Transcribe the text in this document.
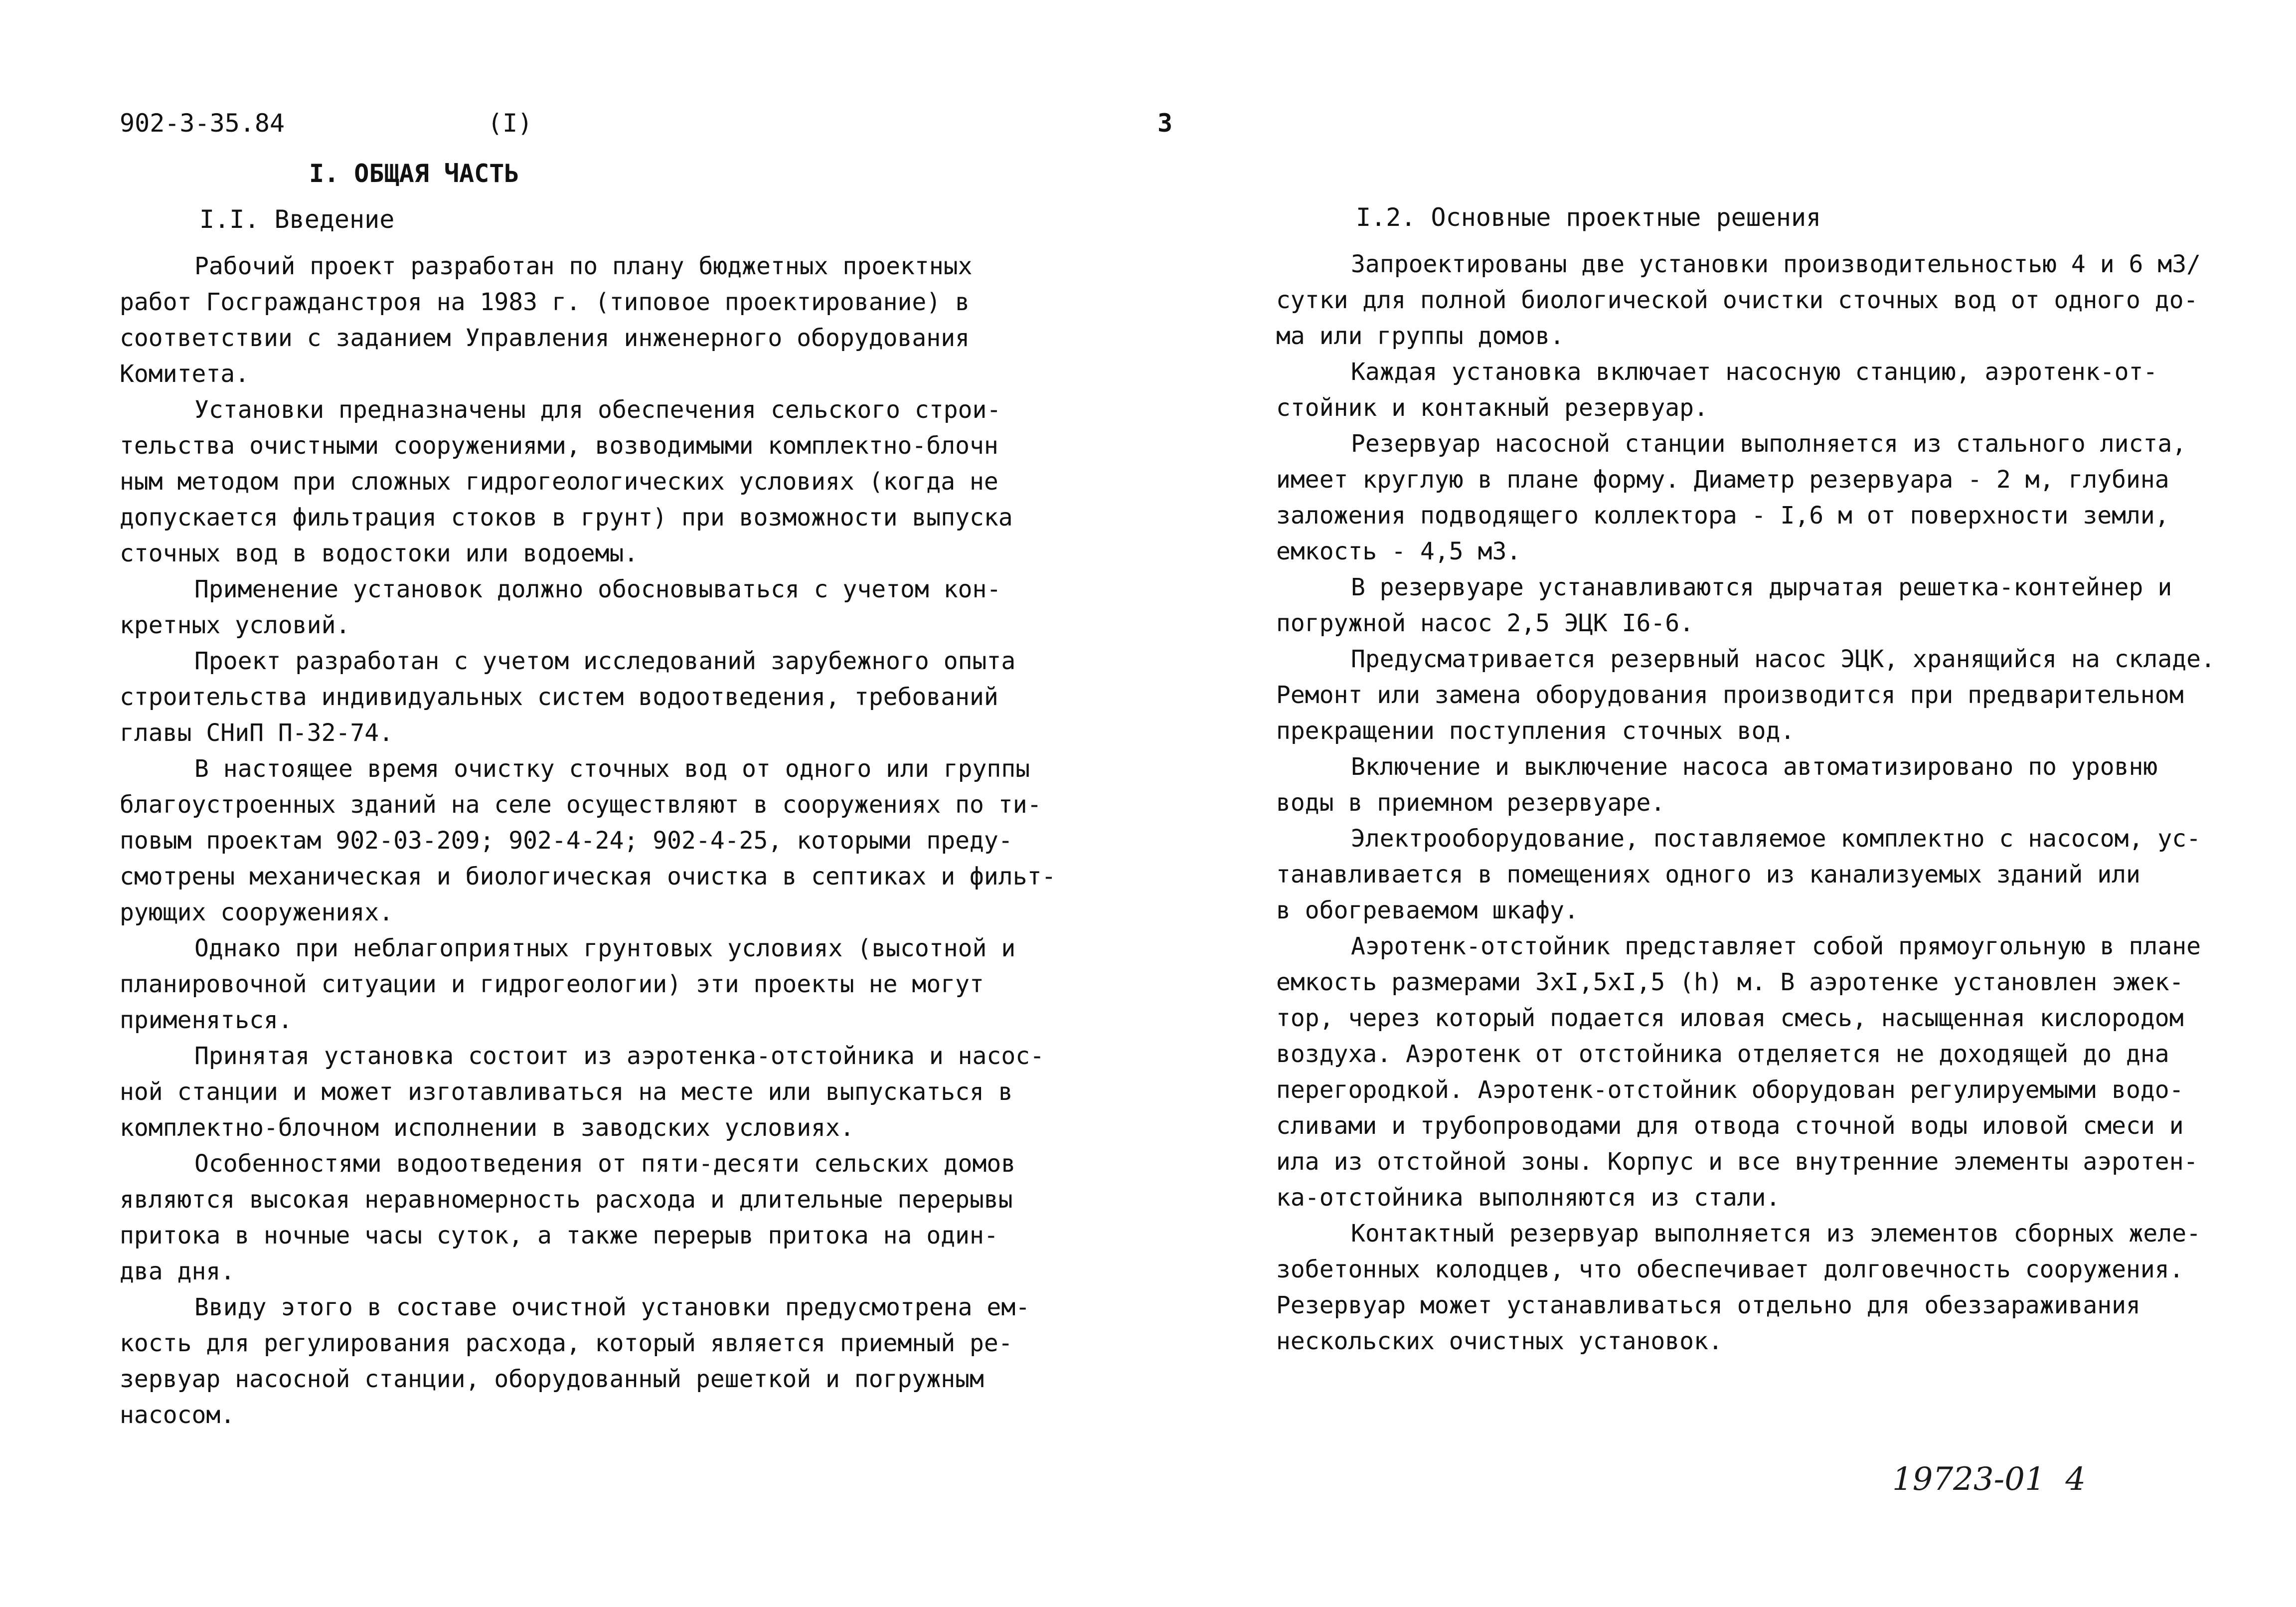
902-3-35.84	(I)	3
I. ОБЩАЯ ЧАСТЬ
I.I. Введение
Рабочий проект разработан по плану бюджетных проектных
работ Госгражданстроя на 1983 г. (типовое проектирование) в
соответствии с заданием Управления инженерного оборудования
Комитета.
Установки предназначены для обеспечения сельского строи-
тельства очистными сооружениями, возводимыми комплектно-блочн
ным методом при сложных гидрогеологических условиях (когда не
допускается фильтрация стоков в грунт) при возможности выпуска
сточных вод в водостоки или водоемы.
Применение установок должно обосновываться с учетом кон-
кретных условий.
Проект разработан с учетом исследований зарубежного опыта
строительства индивидуальных систем водоотведения, требований
главы СНиП П-32-74.
В настоящее время очистку сточных вод от одного или группы
благоустроенных зданий на селе осуществляют в сооружениях по ти-
повым проектам 902-03-209; 902-4-24; 902-4-25, которыми преду-
смотрены механическая и биологическая очистка в септиках и фильт-
рующих сооружениях.
Однако при неблагоприятных грунтовых условиях (высотной и
планировочной ситуации и гидрогеологии) эти проекты не могут
применяться.
Принятая установка состоит из аэротенка-отстойника и насос-
ной станции и может изготавливаться на месте или выпускаться в
комплектно-блочном исполнении в заводских условиях.
Особенностями водоотведения от пяти-десяти сельских домов
являются высокая неравномерность расхода и длительные перерывы
притока в ночные часы суток, а также перерыв притока на один-
два дня.
Ввиду этого в составе очистной установки предусмотрена ем-
кость для регулирования расхода, который является приемный ре-
зервуар насосной станции, оборудованный решеткой и погружным
насосом.
I.2. Основные проектные решения
Запроектированы две установки производительностью 4 и 6 м3/
сутки для полной биологической очистки сточных вод от одного до-
ма или группы домов.
Каждая установка включает насосную станцию, аэротенк-от-
стойник и контакный резервуар.
Резервуар насосной станции выполняется из стального листа,
имеет круглую в плане форму. Диаметр резервуара - 2 м, глубина
заложения подводящего коллектора - I,6 м от поверхности земли,
емкость - 4,5 м3.
В резервуаре устанавливаются дырчатая решетка-контейнер и
погружной насос 2,5 ЭЦК I6-6.
Предусматривается резервный насос ЭЦК, хранящийся на складе.
Ремонт или замена оборудования производится при предварительном
прекращении поступления сточных вод.
Включение и выключение насоса автоматизировано по уровню
воды в приемном резервуаре.
Электрооборудование, поставляемое комплектно с насосом, ус-
танавливается в помещениях одного из канализуемых зданий или
в обогреваемом шкафу.
Аэротенк-отстойник представляет собой прямоугольную в плане
емкость размерами 3xI,5xI,5 (h) м. В аэротенке установлен эжек-
тор, через который подается иловая смесь, насыщенная кислородом
воздуха. Аэротенк от отстойника отделяется не доходящей до дна
перегородкой. Аэротенк-отстойник оборудован регулируемыми водо-
сливами и трубопроводами для отвода сточной воды иловой смеси и
ила из отстойной зоны. Корпус и все внутренние элементы аэротен-
ка-отстойника выполняются из стали.
Контактный резервуар выполняется из элементов сборных желе-
зобетонных колодцев, что обеспечивает долговечность сооружения.
Резервуар может устанавливаться отдельно для обеззараживания
нескольских очистных установок.
19723-01  4
